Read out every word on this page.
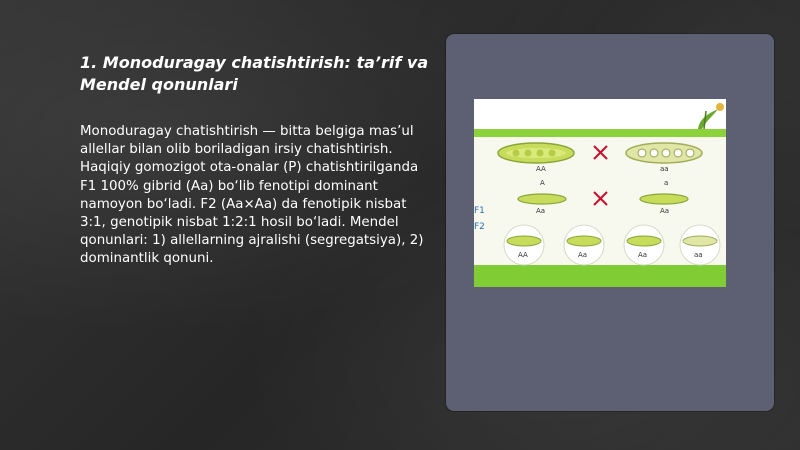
1. Monoduragay chatishtirish: ta’rif va Mendel qonunlari

Monoduragay chatishtirish — bitta belgiga mas’ul allellar bilan olib boriladigan irsiy chatishtirish. Haqiqiy gomozigot ota-onalar (P) chatishtirilganda F1 100% gibrid (Aa) bo‘lib fenotipi dominant namoyon bo‘ladi. F2 (Aa×Aa) da fenotipik nisbat 3:1, genotipik nisbat 1:2:1 hosil bo‘ladi. Mendel qonunlari: 1) allellarning ajralishi (segregatsiya), 2) dominantlik qonuni.

AA	aa
A	a
Aa	Aa
AA	Aa	Aa	aa
F1
F2
